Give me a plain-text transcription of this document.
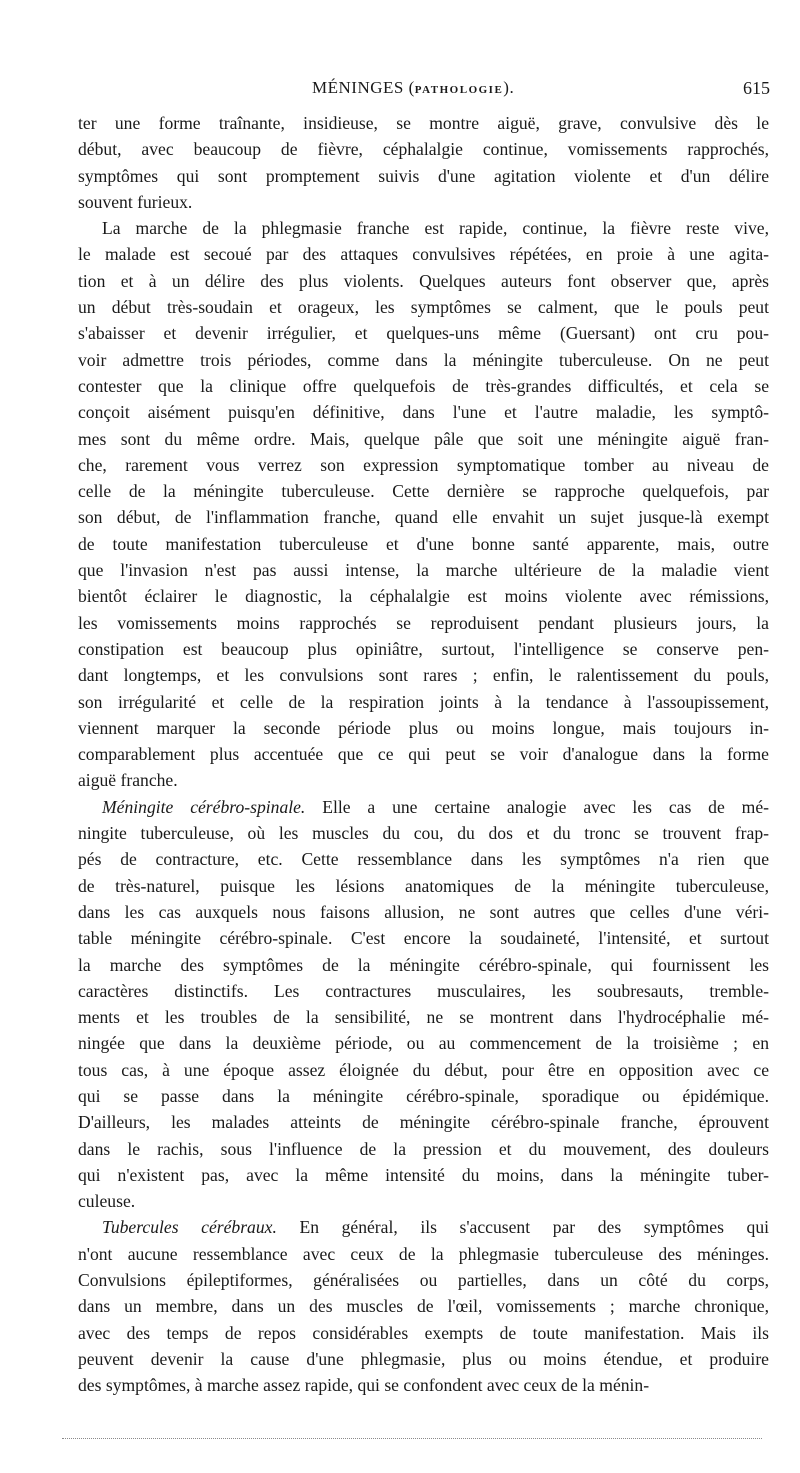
MÉNINGES (PATHOLOGIE).	615
ter une forme traînante, insidieuse, se montre aiguë, grave, convulsive dès le
début, avec beaucoup de fièvre, céphalalgie continue, vomissements rapprochés,
symptômes qui sont promptement suivis d'une agitation violente et d'un délire
souvent furieux.
La marche de la phlegmasie franche est rapide, continue, la fièvre reste vive,
le malade est secoué par des attaques convulsives répétées, en proie à une agita-
tion et à un délire des plus violents. Quelques auteurs font observer que, après
un début très-soudain et orageux, les symptômes se calment, que le pouls peut
s'abaisser et devenir irrégulier, et quelques-uns même (Guersant) ont cru pou-
voir admettre trois périodes, comme dans la méningite tuberculeuse. On ne peut
contester que la clinique offre quelquefois de très-grandes difficultés, et cela se
conçoit aisément puisqu'en définitive, dans l'une et l'autre maladie, les symptô-
mes sont du même ordre. Mais, quelque pâle que soit une méningite aiguë fran-
che, rarement vous verrez son expression symptomatique tomber au niveau de
celle de la méningite tuberculeuse. Cette dernière se rapproche quelquefois, par
son début, de l'inflammation franche, quand elle envahit un sujet jusque-là exempt
de toute manifestation tuberculeuse et d'une bonne santé apparente, mais, outre
que l'invasion n'est pas aussi intense, la marche ultérieure de la maladie vient
bientôt éclairer le diagnostic, la céphalalgie est moins violente avec rémissions,
les vomissements moins rapprochés se reproduisent pendant plusieurs jours, la
constipation est beaucoup plus opiniâtre, surtout, l'intelligence se conserve pen-
dant longtemps, et les convulsions sont rares ; enfin, le ralentissement du pouls,
son irrégularité et celle de la respiration joints à la tendance à l'assoupissement,
viennent marquer la seconde période plus ou moins longue, mais toujours in-
comparablement plus accentuée que ce qui peut se voir d'analogue dans la forme
aiguë franche.
Méningite cérébro-spinale. Elle a une certaine analogie avec les cas de mé-
ningite tuberculeuse, où les muscles du cou, du dos et du tronc se trouvent frap-
pés de contracture, etc. Cette ressemblance dans les symptômes n'a rien que
de très-naturel, puisque les lésions anatomiques de la méningite tuberculeuse,
dans les cas auxquels nous faisons allusion, ne sont autres que celles d'une véri-
table méningite cérébro-spinale. C'est encore la soudaineté, l'intensité, et surtout
la marche des symptômes de la méningite cérébro-spinale, qui fournissent les
caractères distinctifs. Les contractures musculaires, les soubresauts, tremble-
ments et les troubles de la sensibilité, ne se montrent dans l'hydrocéphalie mé-
ningée que dans la deuxième période, ou au commencement de la troisième ; en
tous cas, à une époque assez éloignée du début, pour être en opposition avec ce
qui se passe dans la méningite cérébro-spinale, sporadique ou épidémique.
D'ailleurs, les malades atteints de méningite cérébro-spinale franche, éprouvent
dans le rachis, sous l'influence de la pression et du mouvement, des douleurs
qui n'existent pas, avec la même intensité du moins, dans la méningite tuber-
culeuse.
Tubercules cérébraux. En général, ils s'accusent par des symptômes qui
n'ont aucune ressemblance avec ceux de la phlegmasie tuberculeuse des méninges.
Convulsions épileptiformes, généralisées ou partielles, dans un côté du corps,
dans un membre, dans un des muscles de l'œil, vomissements ; marche chronique,
avec des temps de repos considérables exempts de toute manifestation. Mais ils
peuvent devenir la cause d'une phlegmasie, plus ou moins étendue, et produire
des symptômes, à marche assez rapide, qui se confondent avec ceux de la ménin-
